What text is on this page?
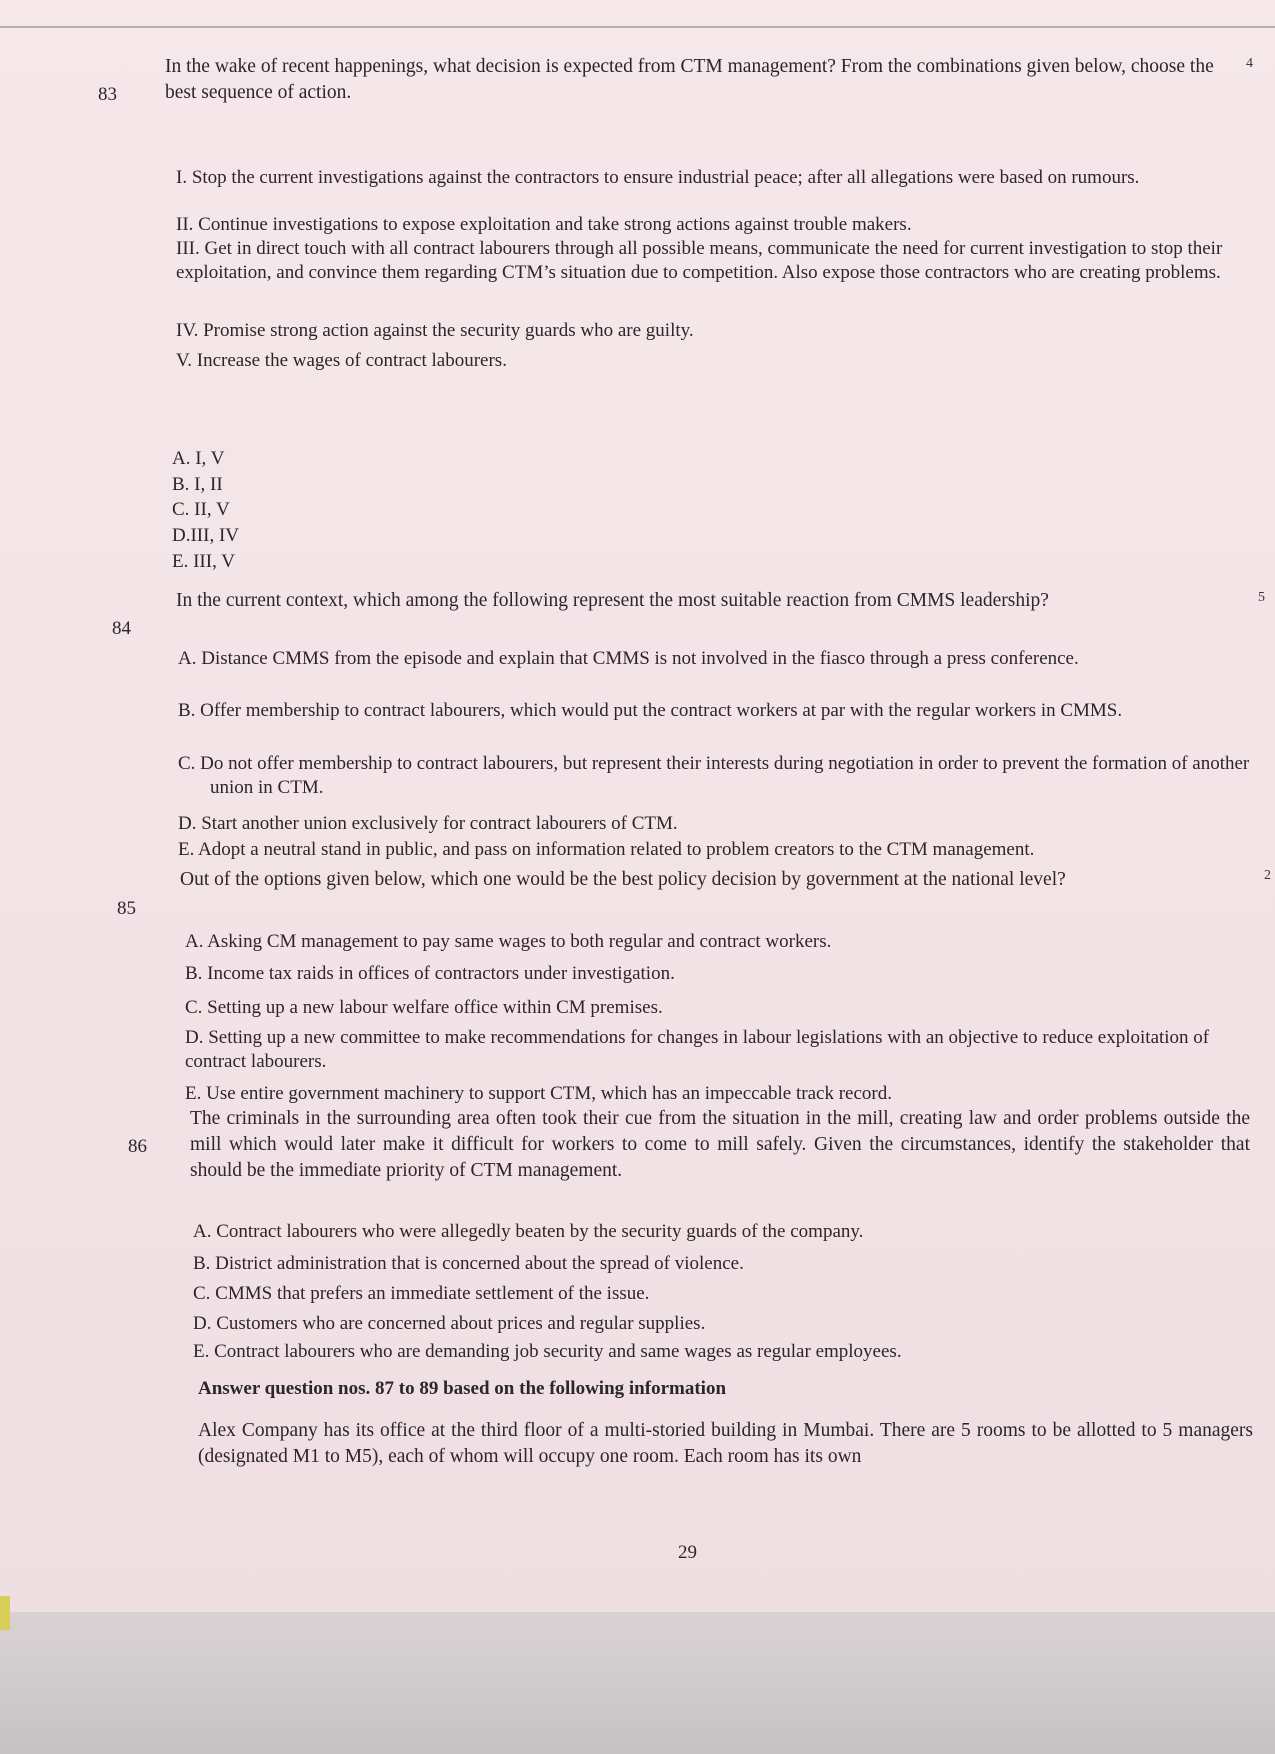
83
4
In the wake of recent happenings, what decision is expected from CTM management? From the combinations given below, choose the best sequence of action.
I. Stop the current investigations against the contractors to ensure industrial peace; after all allegations were based on rumours.
II. Continue investigations to expose exploitation and take strong actions against trouble makers.
III. Get in direct touch with all contract labourers through all possible means, communicate the need for current investigation to stop their exploitation, and convince them regarding CTM’s situation due to competition. Also expose those contractors who are creating problems.
IV. Promise strong action against the security guards who are guilty.
V. Increase the wages of contract labourers.
A. I, V
B. I, II
C. II, V
D.III, IV
E. III, V
84
5
In the current context, which among the following represent the most suitable reaction from CMMS leadership?
A. Distance CMMS from the episode and explain that CMMS is not involved in the fiasco through a press conference.
B. Offer membership to contract labourers, which would put the contract workers at par with the regular workers in CMMS.
C. Do not offer membership to contract labourers, but represent their interests during negotiation in order to prevent the formation of another union in CTM.
D. Start another union exclusively for contract labourers of CTM.
E. Adopt a neutral stand in public, and pass on information related to problem creators to the CTM management.
85
2
Out of the options given below, which one would be the best policy decision by government at the national level?
A. Asking CM management to pay same wages to both regular and contract workers.
B. Income tax raids in offices of contractors under investigation.
C. Setting up a new labour welfare office within CM premises.
D. Setting up a new committee to make recommendations for changes in labour legislations with an objective to reduce exploitation of contract labourers.
E. Use entire government machinery to support CTM, which has an impeccable track record.
86
The criminals in the surrounding area often took their cue from the situation in the mill, creating law and order problems outside the mill which would later make it difficult for workers to come to mill safely. Given the circumstances, identify the stakeholder that should be the immediate priority of CTM management.
A. Contract labourers who were allegedly beaten by the security guards of the company.
B. District administration that is concerned about the spread of violence.
C. CMMS that prefers an immediate settlement of the issue.
D. Customers who are concerned about prices and regular supplies.
E. Contract labourers who are demanding job security and same wages as regular employees.
Answer question nos. 87 to 89 based on the following information
Alex Company has its office at the third floor of a multi-storied building in Mumbai. There are 5 rooms to be allotted to 5 managers (designated M1 to M5), each of whom will occupy one room. Each room has its own
29
